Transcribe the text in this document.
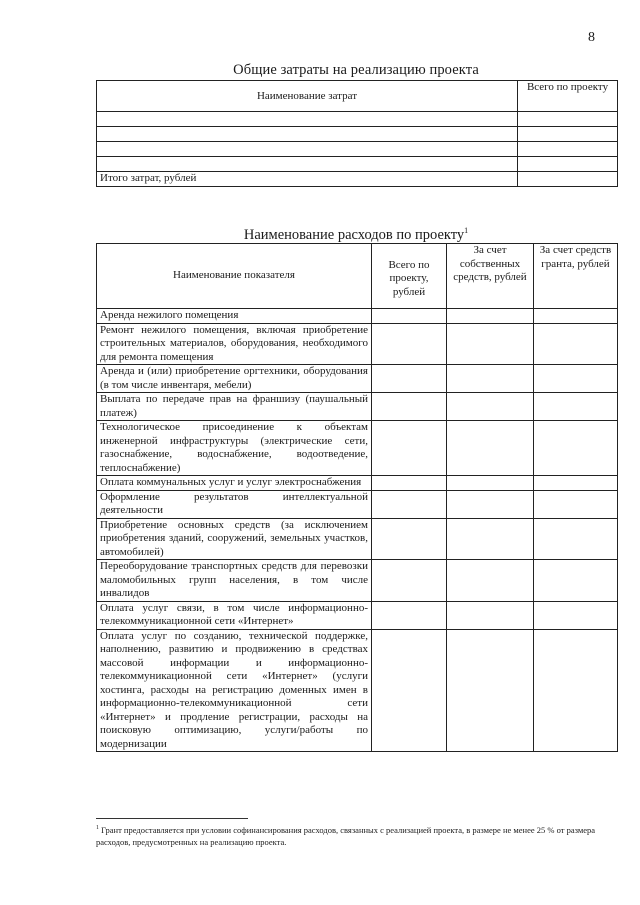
8
Общие затраты на реализацию проекта
Наименование затрат	Всего по проекту

Итого затрат, рублей	
Наименование расходов по проекту$^1$
Наименование показателя	Всего по проекту, рублей	За счет собственных средств, рублей	За счет средств гранта, рублей
Аренда нежилого помещения			
Ремонт нежилого помещения, включая приобретение строительных материалов, оборудования, необходимого для ремонта помещения			
Аренда и (или) приобретение оргтехники, оборудования (в том числе инвентаря, мебели)			
Выплата по передаче прав на франшизу (паушальный платеж)			
Технологическое присоединение к объектам инженерной инфраструктуры (электрические сети, газоснабжение, водоснабжение, водоотведение, теплоснабжение)			
Оплата коммунальных услуг и услуг электроснабжения			
Оформление результатов интеллектуальной деятельности			
Приобретение основных средств (за исключением приобретения зданий, сооружений, земельных участков, автомобилей)			
Переоборудование транспортных средств для перевозки маломобильных групп населения, в том числе инвалидов			
Оплата услуг связи, в том числе информационно-телекоммуникационной сети «Интернет»			
Оплата услуг по созданию, технической поддержке, наполнению, развитию и продвижению в средствах массовой информации и информационно-телекоммуникационной сети «Интернет» (услуги хостинга, расходы на регистрацию доменных имен в информационно-телекоммуникационной сети «Интернет» и продление регистрации, расходы на поисковую оптимизацию, услуги/работы по модернизации			
$^1$ Грант предоставляется при условии софинансирования расходов, связанных с реализацией проекта, в размере не менее 25 % от размера расходов, предусмотренных на реализацию проекта.
